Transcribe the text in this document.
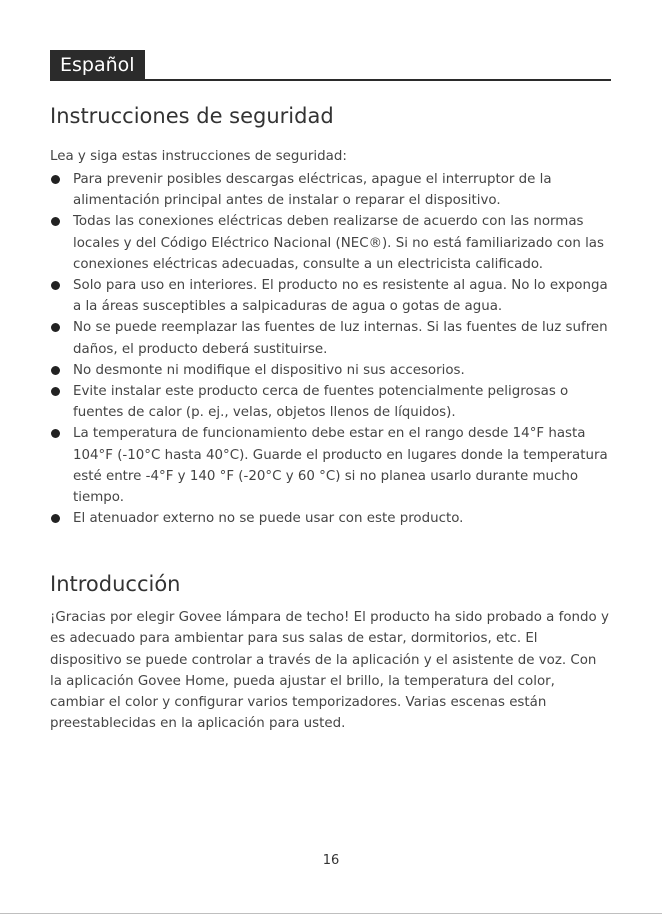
Español
Instrucciones de seguridad

Lea y siga estas instrucciones de seguridad:

Para prevenir posibles descargas eléctricas, apague el interruptor de la alimentación principal antes de instalar o reparar el dispositivo.
Todas las conexiones eléctricas deben realizarse de acuerdo con las normas locales y del Código Eléctrico Nacional (NEC®). Si no está familiarizado con las conexiones eléctricas adecuadas, consulte a un electricista calificado.
Solo para uso en interiores. El producto no es resistente al agua. No lo exponga a la áreas susceptibles a salpicaduras de agua o gotas de agua.
No se puede reemplazar las fuentes de luz internas. Si las fuentes de luz sufren daños, el producto deberá sustituirse.
No desmonte ni modifique el dispositivo ni sus accesorios.
Evite instalar este producto cerca de fuentes potencialmente peligrosas o fuentes de calor (p. ej., velas, objetos llenos de líquidos).
La temperatura de funcionamiento debe estar en el rango desde 14°F hasta 104°F (-10°C hasta 40°C). Guarde el producto en lugares donde la temperatura esté entre -4°F y 140 °F (-20°C y 60 °C) si no planea usarlo durante mucho tiempo.
El atenuador externo no se puede usar con este producto.
Introducción

¡Gracias por elegir Govee lámpara de techo! El producto ha sido probado a fondo y es adecuado para ambientar para sus salas de estar, dormitorios, etc. El dispositivo se puede controlar a través de la aplicación y el asistente de voz. Con la aplicación Govee Home, pueda ajustar el brillo, la temperatura del color, cambiar el color y configurar varios temporizadores. Varias escenas están preestablecidas en la aplicación para usted.

16
